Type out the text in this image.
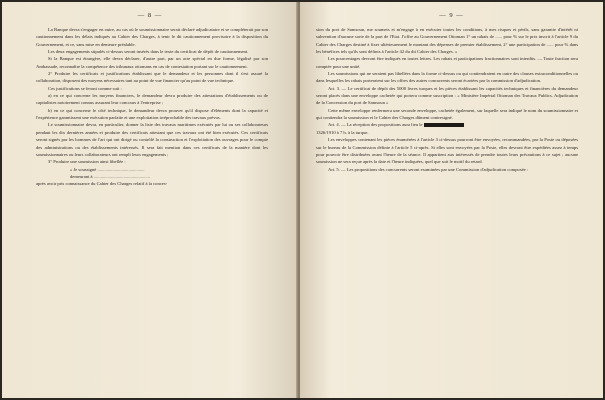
— 8 —

La Banque devra s'engager en outre, au cas où le soumissionnaire serait déclaré adjudicataire et se compléterait par son cautionnement dans les délais indiqués au Cahier des Charges, à tenir le dit cautionnement provisoire à la disposition du Gouvernement, et ce, sans mise en demeure préalable.

Les deux engagements stipulés ci-dessus seront insérés dans le texte du certificat de dépôt de cautionnement.

Si la Banque est étrangère, elle devra déclarer, d'autre part, par un acte spécial en due forme, légalisé par son Ambassade, reconnaître la compétence des tribunaux ottomans en cas de contestation portant sur le cautionnement.

2° Produire les certificats et justifications établissant que le demandeur et les personnes dont il s'est assuré la collaboration, disposent des moyens nécessaires tant au point de vue financier qu'au point de vue technique.

Ces justifications se feront comme suit :

a) en ce qui concerne les moyens financiers, le demandeur devra produire des attestations d'établissements ou de capitalistes notoirement connus assurant leur concours à l'entreprise ;

b) en ce qui concerne le côté technique, le demandeur devra prouver qu'il dispose d'éléments dont la capacité et l'expérience garantissent une exécution parfaite et une exploitation irréprochable des travaux prévus.

Le soumissionnaire devra, en particulier, donner la liste des travaux maritimes exécutés par lui ou ses collaborateurs pendant les dix dernières années et produire des certificats attestant que ces travaux ont été bien exécutés. Ces certificats seront signés par les hommes de l'art qui ont dirigé ou contrôlé la construction et l'exploitation des ouvrages pour le compte des administrations ou des établissements intéressés. Il sera fait mention dans ces certificats de la manière dont les soumissionnaires ou leurs collaborateurs ont rempli leurs engagements ;

3° Produire une soumission ainsi libellée :

« Je soussigné .........................................

demeurant à .................................................

après avoir pris connaissance du Cahier des Charges relatif à la conces-

— 9 —

sion du port de Samsoun, me soumets et m'engage à en exécuter toutes les conditions, à mes risques et périls, sans garantie d'intérêt ni subvention d'aucune sorte de la part de l'Etat. J'offre au Gouvernement Ottoman 1° un rabais de ...... pour % sur le prix inscrit à l'article 9 du Cahier des Charges destiné à fixer ultérieurement le montant des dépenses de premier établissement, 2° une participation de ...... pour % dans les bénéfices tels qu'ils sont définis à l'article 42 du dit Cahier des Charges. »

Les pourcentages devront être indiqués en toutes lettres. Les rabais et participations fractionnaires sont interdits. — Toute fraction sera comptée pour une unité.

Les soumissions qui ne seraient pas libellées dans la forme ci-dessus ou qui contiendraient en outre des clauses extraconditionnelles ou dans lesquelles les rabais porteraient sur les offres des autres concurrents seront écartées par la commission d'adjudication.

Art. 3. — Le certificat de dépôt des 5000 livres turques et les pièces établissant les capacités techniques et financières du demandeur seront placés dans une enveloppe cachetée qui portera comme suscription : « Ministère Impérial Ottoman des Travaux Publics. Adjudication de la Concession du port de Samsoun »

Cette même enveloppe renfermera une seconde enveloppe, cachetée également, sur laquelle sera indiqué le nom du soumissionnaire et qui contiendra la soumission et le Cahier des Charges dûment contresigné.

Art. 4. — La réception des propositions aura lieu le

1326/1910 à 7 h. à la turque.

Les enveloppes contenant les pièces énumérées à l'article 3 ci-dessus pourront être envoyées, recommandées, par la Poste ou déposées sur le bureau de la Commission définie à l'article 5 ci-après. Si elles sont envoyées par la Poste, elles devront être expédiées assez à temps pour pouvoir être distribuées avant l'heure de la séance. Il appartient aux intéressés de prendre toutes leurs précautions à ce sujet ; aucune soumission ne sera reçue après la date et l'heure indiquées, quel que soit le motif du retard.

Art. 5. — Les propositions des concurrents seront examinées par une Commission d'adjudication composée :
